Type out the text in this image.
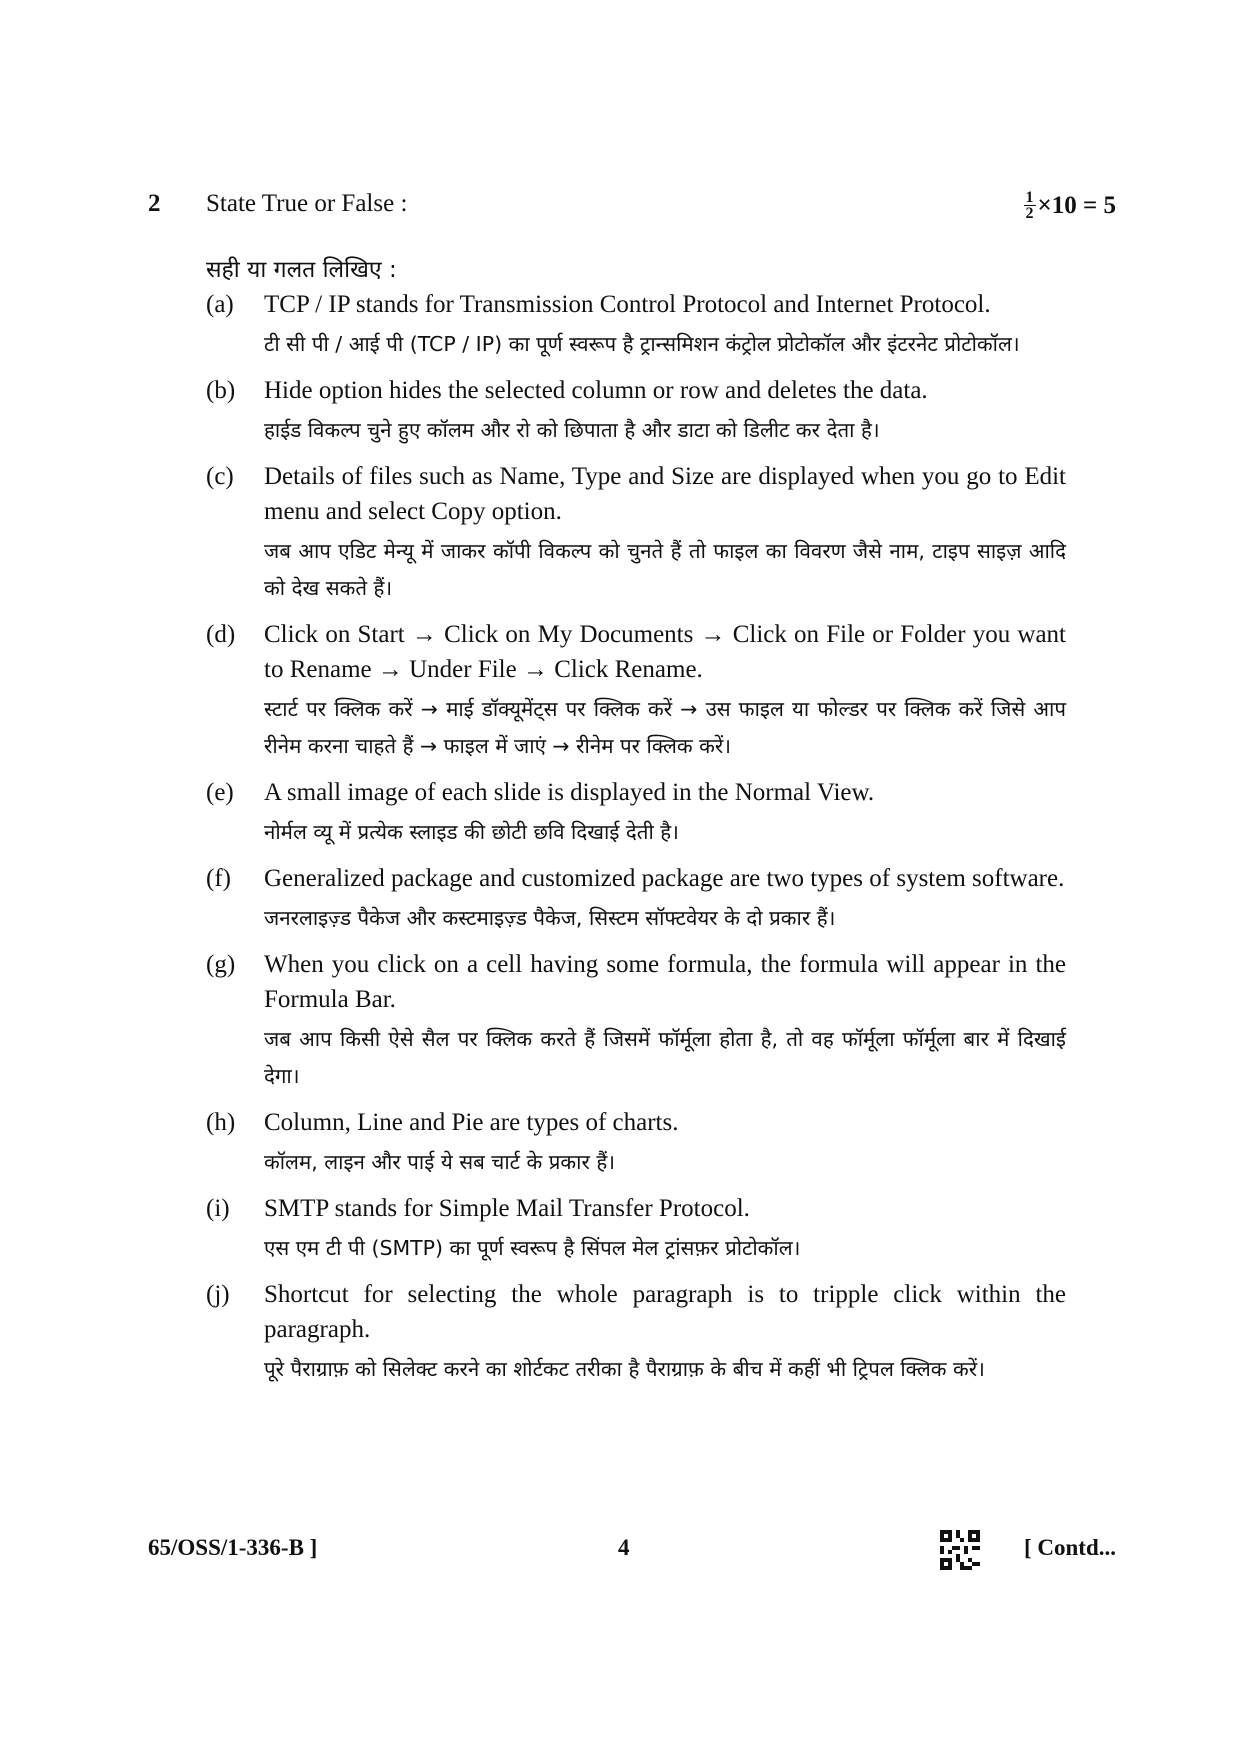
2 State True or False :	$\frac{1}{2} \times 10 = 5$
सही या गलत लिखिए :
(a)	TCP / IP stands for Transmission Control Protocol and Internet Protocol.
टी सी पी / आई पी (TCP / IP) का पूर्ण स्वरूप है ट्रान्समिशन कंट्रोल प्रोटोकॉल और इंटरनेट प्रोटोकॉल।
(b)	Hide option hides the selected column or row and deletes the data.
हाईड विकल्प चुने हुए कॉलम और रो को छिपाता है और डाटा को डिलीट कर देता है।
(c)	Details of files such as Name, Type and Size are displayed when you go to Edit menu and select Copy option.
जब आप एडिट मेन्यू में जाकर कॉपी विकल्प को चुनते हैं तो फाइल का विवरण जैसे नाम, टाइप साइज़ आदि को देख सकते हैं।
(d)	Click on Start → Click on My Documents → Click on File or Folder you want to Rename → Under File → Click Rename.
स्टार्ट पर क्लिक करें → माई डॉक्यूमेंट्स पर क्लिक करें → उस फाइल या फोल्डर पर क्लिक करें जिसे आप रीनेम करना चाहते हैं → फाइल में जाएं → रीनेम पर क्लिक करें।
(e)	A small image of each slide is displayed in the Normal View.
नोर्मल व्यू में प्रत्येक स्लाइड की छोटी छवि दिखाई देती है।
(f)	Generalized package and customized package are two types of system software.
जनरलाइज़्ड पैकेज और कस्टमाइज़्ड पैकेज, सिस्टम सॉफ्टवेयर के दो प्रकार हैं।
(g)	When you click on a cell having some formula, the formula will appear in the Formula Bar.
जब आप किसी ऐसे सैल पर क्लिक करते हैं जिसमें फॉर्मूला होता है, तो वह फॉर्मूला फॉर्मूला बार में दिखाई देगा।
(h)	Column, Line and Pie are types of charts.
कॉलम, लाइन और पाई ये सब चार्ट के प्रकार हैं।
(i)	SMTP stands for Simple Mail Transfer Protocol.
एस एम टी पी (SMTP) का पूर्ण स्वरूप है सिंपल मेल ट्रांसफ़र प्रोटोकॉल।
(j)	Shortcut for selecting the whole paragraph is to tripple click within the paragraph.
पूरे पैराग्राफ़ को सिलेक्ट करने का शोर्टकट तरीका है पैराग्राफ़ के बीच में कहीं भी ट्रिपल क्लिक करें।
65/OSS/1-336-B ]	4	[ Contd...
